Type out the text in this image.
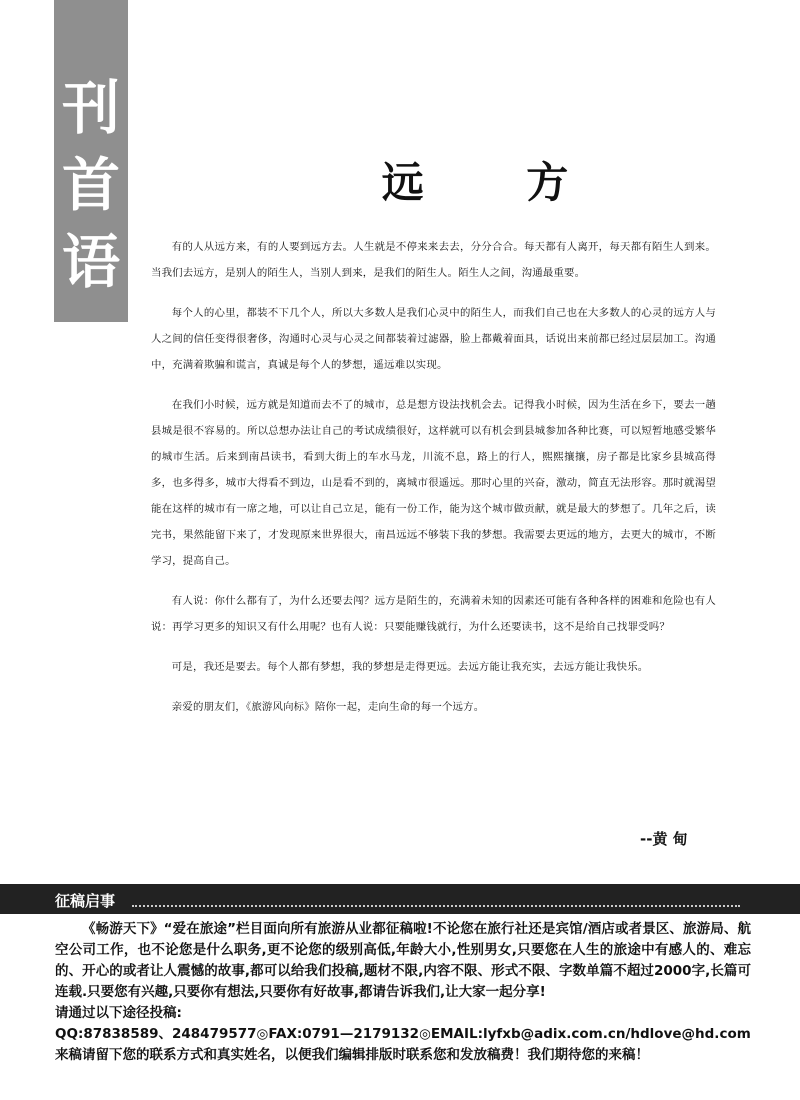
刊
首
语
远 方

有的人从远方来，有的人要到远方去。人生就是不停来来去去，分分合合。每天都有人离开，每天都有陌生人到来。当我们去远方，是别人的陌生人，当别人到来，是我们的陌生人。陌生人之间，沟通最重要。

每个人的心里，都装不下几个人，所以大多数人是我们心灵中的陌生人，而我们自己也在大多数人的心灵的远方人与人之间的信任变得很奢侈，沟通时心灵与心灵之间都装着过滤器，脸上都戴着面具，话说出来前都已经过层层加工。沟通中，充满着欺骗和谎言，真诚是每个人的梦想，遥远难以实现。

在我们小时候，远方就是知道而去不了的城市，总是想方设法找机会去。记得我小时候，因为生活在乡下，要去一趟县城是很不容易的。所以总想办法让自己的考试成绩很好，这样就可以有机会到县城参加各种比赛，可以短暂地感受繁华的城市生活。后来到南昌读书，看到大街上的车水马龙，川流不息，路上的行人，熙熙攘攘，房子都是比家乡县城高得多，也多得多，城市大得看不到边，山是看不到的，离城市很遥远。那时心里的兴奋，激动，简直无法形容。那时就渴望能在这样的城市有一席之地，可以让自己立足，能有一份工作，能为这个城市做贡献，就是最大的梦想了。几年之后，读完书，果然能留下来了，才发现原来世界很大，南昌远远不够装下我的梦想。我需要去更远的地方，去更大的城市，不断学习，提高自己。

有人说：你什么都有了，为什么还要去闯？远方是陌生的，充满着未知的因素还可能有各种各样的困难和危险也有人说：再学习更多的知识又有什么用呢？也有人说：只要能赚钱就行，为什么还要读书，这不是给自己找罪受吗？

可是，我还是要去。每个人都有梦想，我的梦想是走得更远。去远方能让我充实，去远方能让我快乐。

亲爱的朋友们，《旅游风向标》陪你一起，走向生命的每一个远方。

--黄 甸
征稿启事
《畅游天下》“爱在旅途”栏目面向所有旅游从业都征稿啦!不论您在旅行社还是宾馆/酒店或者景区、旅游局、航空公司工作，也不论您是什么职务,更不论您的级别高低,年龄大小,性别男女,只要您在人生的旅途中有感人的、难忘的、开心的或者让人震憾的故事,都可以给我们投稿,题材不限,内容不限、形式不限、字数单篇不超过2000字,长篇可连载.只要您有兴趣,只要你有想法,只要你有好故事,都请告诉我们,让大家一起分享!
请通过以下途径投稿:
QQ:87838589、248479577◎FAX:0791—2179132◎EMAIL:lyfxb@adix.com.cn/hdlove@hd.com
来稿请留下您的联系方式和真实姓名，以便我们编辑排版时联系您和发放稿费！我们期待您的来稿！
